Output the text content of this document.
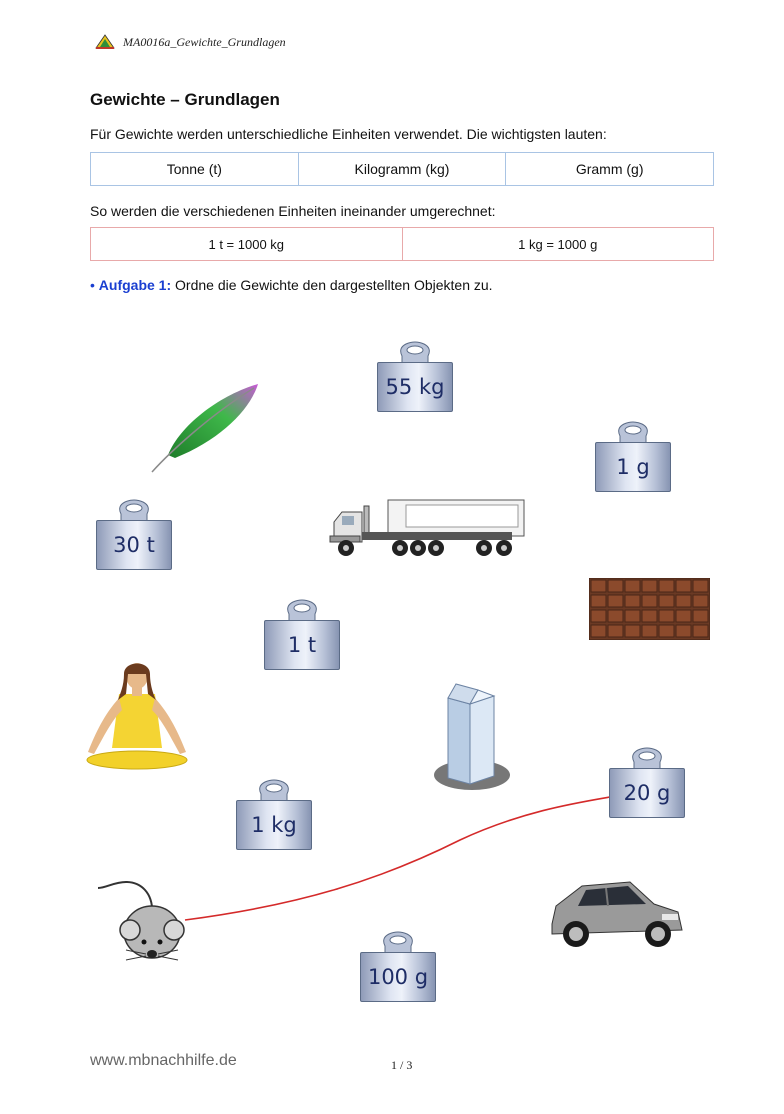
MA0016a_Gewichte_Grundlagen
Gewichte – Grundlagen
Für Gewichte werden unterschiedliche Einheiten verwendet. Die wichtigsten lauten:
Tonne (t)	Kilogramm (kg)	Gramm (g)
So werden die verschiedenen Einheiten ineinander umgerechnet:
1 t = 1000 kg	1 kg = 1000 g
• Aufgabe 1: Ordne die Gewichte den dargestellten Objekten zu.
55 kg
1 g
30 t
1 t
20 g
1 kg
100 g
www.mbnachhilfe.de	1 / 3
